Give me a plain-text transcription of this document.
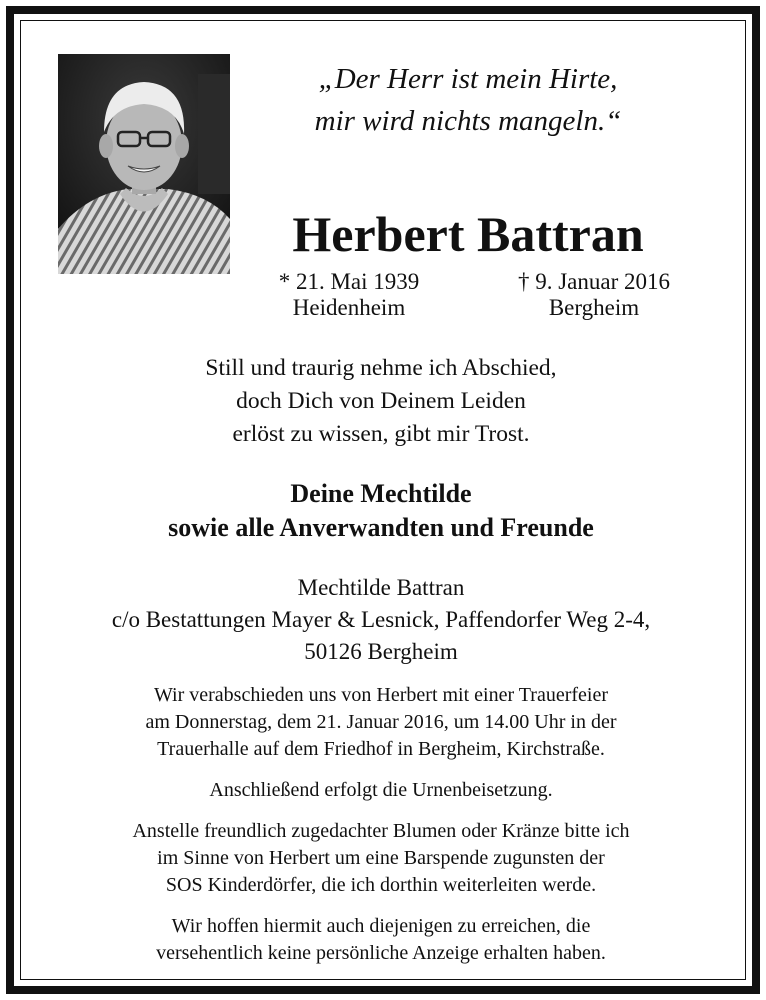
„Der Herr ist mein Hirte,
mir wird nichts mangeln.“
Herbert Battran
* 21. Mai 1939
Heidenheim
† 9. Januar 2016
Bergheim
Still und traurig nehme ich Abschied,
doch Dich von Deinem Leiden
erlöst zu wissen, gibt mir Trost.
Deine Mechtilde
sowie alle Anverwandten und Freunde
Mechtilde Battran
c/o Bestattungen Mayer & Lesnick, Paffendorfer Weg 2-4,
50126 Bergheim
Wir verabschieden uns von Herbert mit einer Trauerfeier
am Donnerstag, dem 21. Januar 2016, um 14.00 Uhr in der
Trauerhalle auf dem Friedhof in Bergheim, Kirchstraße.
Anschließend erfolgt die Urnenbeisetzung.
Anstelle freundlich zugedachter Blumen oder Kränze bitte ich
im Sinne von Herbert um eine Barspende zugunsten der
SOS Kinderdörfer, die ich dorthin weiterleiten werde.
Wir hoffen hiermit auch diejenigen zu erreichen, die
versehentlich keine persönliche Anzeige erhalten haben.
